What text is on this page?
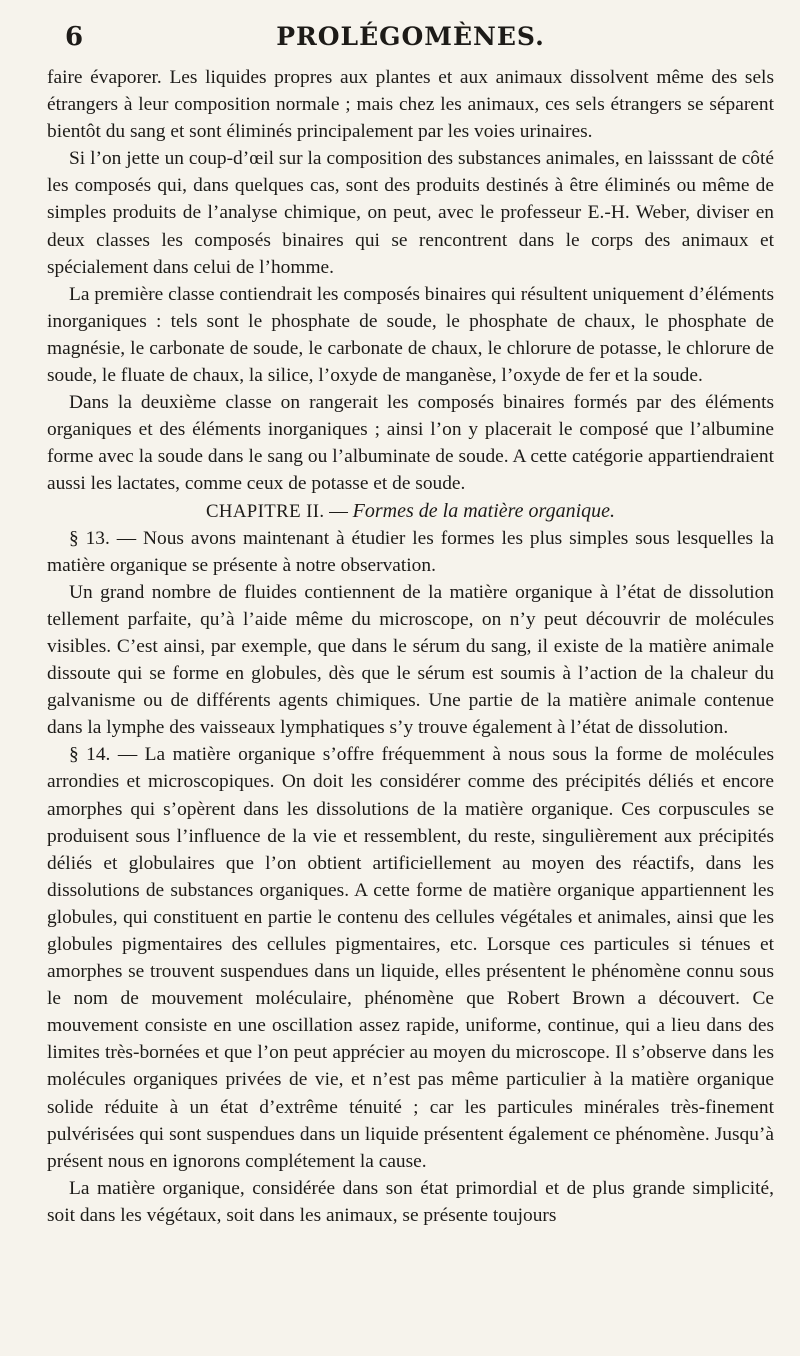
6	PROLÉGOMÈNES.

faire évaporer. Les liquides propres aux plantes et aux animaux dissolvent même des sels étrangers à leur composition normale ; mais chez les animaux, ces sels étrangers se séparent bientôt du sang et sont éliminés principalement par les voies urinaires.

Si l’on jette un coup-d’œil sur la composition des substances animales, en laisssant de côté les composés qui, dans quelques cas, sont des produits destinés à être éliminés ou même de simples produits de l’analyse chimique, on peut, avec le professeur E.-H. Weber, diviser en deux classes les composés binaires qui se rencontrent dans le corps des animaux et spécialement dans celui de l’homme.

La première classe contiendrait les composés binaires qui résultent uniquement d’éléments inorganiques : tels sont le phosphate de soude, le phosphate de chaux, le phosphate de magnésie, le carbonate de soude, le carbonate de chaux, le chlorure de potasse, le chlorure de soude, le fluate de chaux, la silice, l’oxyde de manganèse, l’oxyde de fer et la soude.

Dans la deuxième classe on rangerait les composés binaires formés par des éléments organiques et des éléments inorganiques ; ainsi l’on y placerait le composé que l’albumine forme avec la soude dans le sang ou l’albuminate de soude. A cette catégorie appartiendraient aussi les lactates, comme ceux de potasse et de soude.

CHAPITRE II. — Formes de la matière organique.

§ 13. — Nous avons maintenant à étudier les formes les plus simples sous lesquelles la matière organique se présente à notre observation.

Un grand nombre de fluides contiennent de la matière organique à l’état de dissolution tellement parfaite, qu’à l’aide même du microscope, on n’y peut découvrir de molécules visibles. C’est ainsi, par exemple, que dans le sérum du sang, il existe de la matière animale dissoute qui se forme en globules, dès que le sérum est soumis à l’action de la chaleur du galvanisme ou de différents agents chimiques. Une partie de la matière animale contenue dans la lymphe des vaisseaux lymphatiques s’y trouve également à l’état de dissolution.

§ 14. — La matière organique s’offre fréquemment à nous sous la forme de molécules arrondies et microscopiques. On doit les considérer comme des précipités déliés et encore amorphes qui s’opèrent dans les dissolutions de la matière organique. Ces corpuscules se produisent sous l’influence de la vie et ressemblent, du reste, singulièrement aux précipités déliés et globulaires que l’on obtient artificiellement au moyen des réactifs, dans les dissolutions de substances organiques. A cette forme de matière organique appartiennent les globules, qui constituent en partie le contenu des cellules végétales et animales, ainsi que les globules pigmentaires des cellules pigmentaires, etc. Lorsque ces particules si ténues et amorphes se trouvent suspendues dans un liquide, elles présentent le phénomène connu sous le nom de mouvement moléculaire, phénomène que Robert Brown a découvert. Ce mouvement consiste en une oscillation assez rapide, uniforme, continue, qui a lieu dans des limites très-bornées et que l’on peut apprécier au moyen du microscope. Il s’observe dans les molécules organiques privées de vie, et n’est pas même particulier à la matière organique solide réduite à un état d’extrême ténuité ; car les particules minérales très-finement pulvérisées qui sont suspendues dans un liquide présentent également ce phénomène. Jusqu’à présent nous en ignorons complétement la cause.

La matière organique, considérée dans son état primordial et de plus grande simplicité, soit dans les végétaux, soit dans les animaux, se présente toujours
